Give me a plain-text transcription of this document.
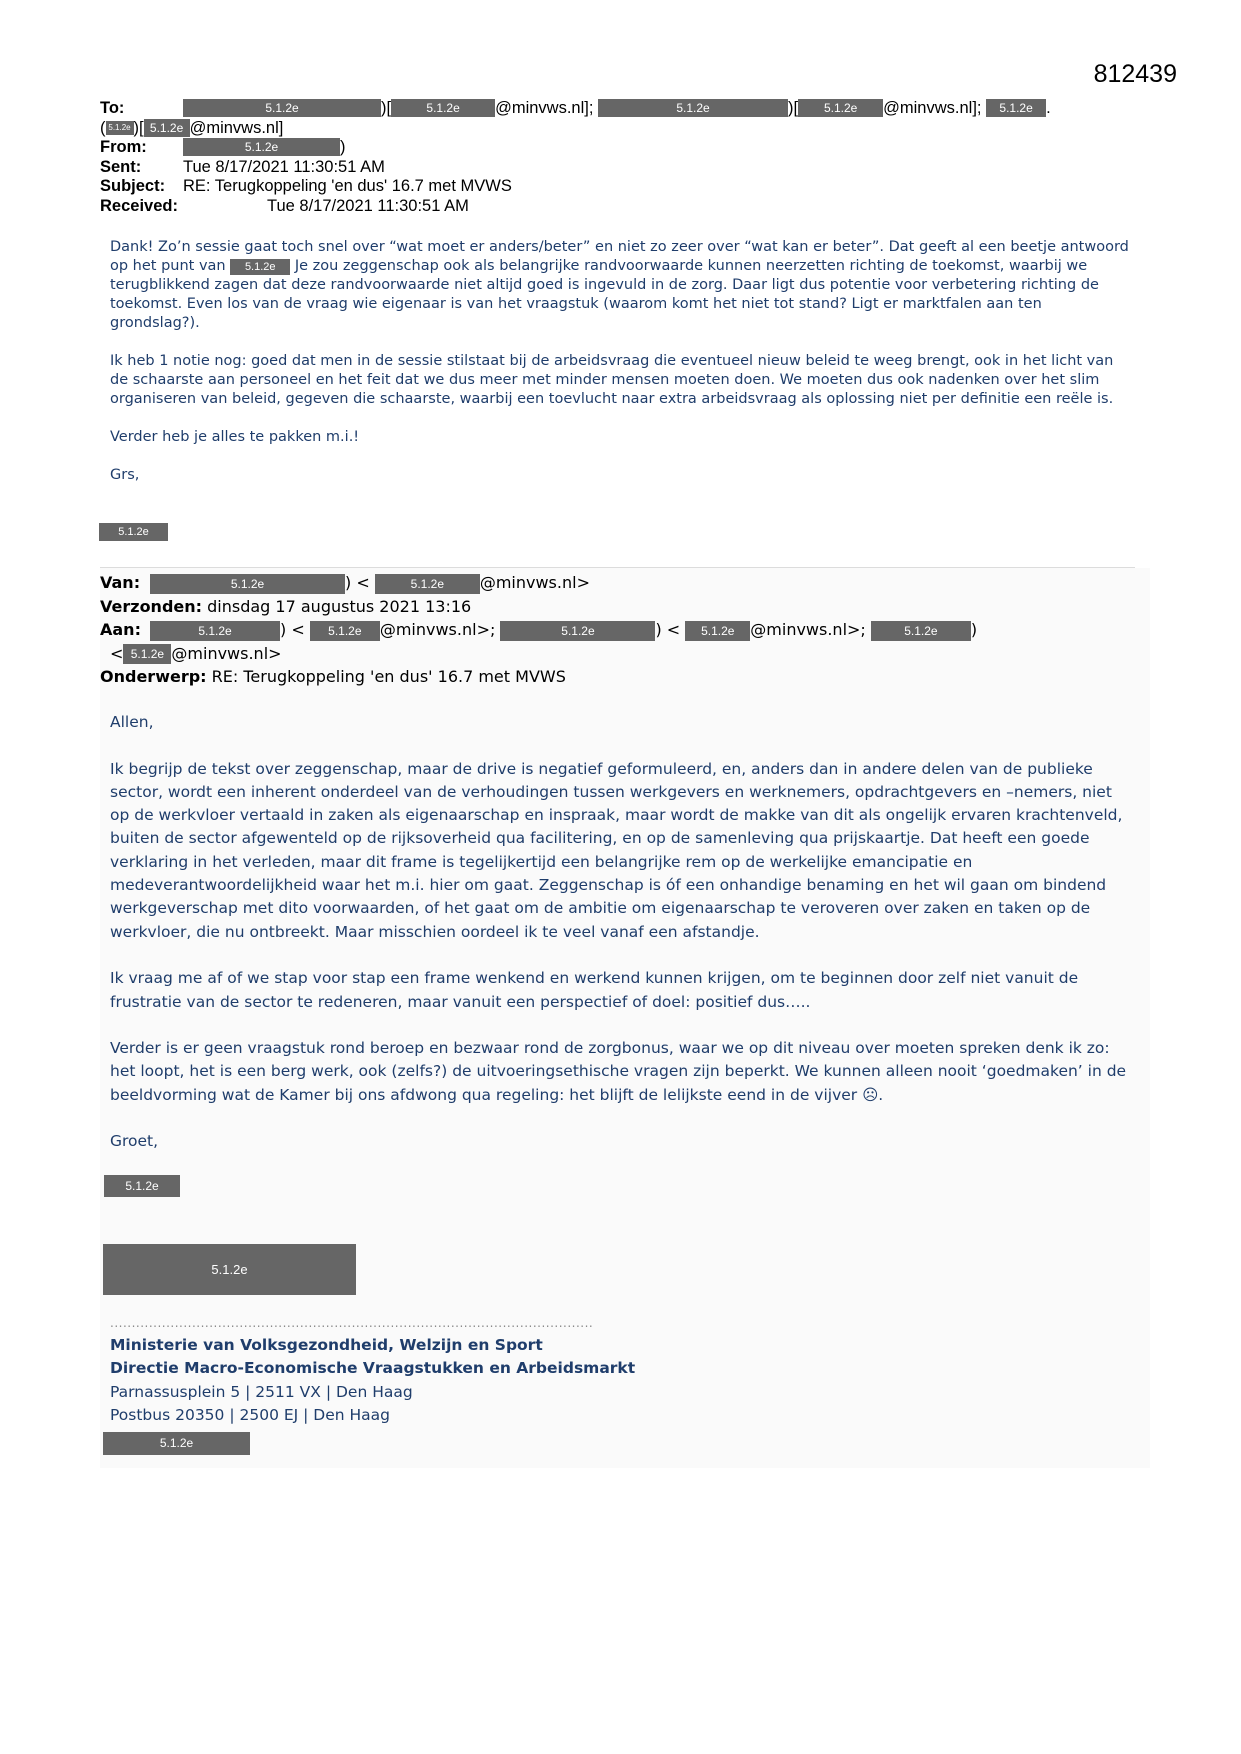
812439
To:	5.1.2e	)[	5.1.2e @minvws.nl];	5.1.2e	)[ 5.1.2e @minvws.nl]; 5.1.2e .
( 5.1.2e )[ 5.1.2e @minvws.nl]
From:	5.1.2e	)
Sent:	Tue 8/17/2021 11:30:51 AM
Subject: RE: Terugkoppeling 'en dus' 16.7 met MVWS
Received:	Tue 8/17/2021 11:30:51 AM

Dank! Zo’n sessie gaat toch snel over “wat moet er anders/beter” en niet zo zeer over “wat kan er beter”. Dat geeft al een beetje antwoord op het punt van 5.1.2e Je zou zeggenschap ook als belangrijke randvoorwaarde kunnen neerzetten richting de toekomst, waarbij we terugblikkend zagen dat deze randvoorwaarde niet altijd goed is ingevuld in de zorg. Daar ligt dus potentie voor verbetering richting de toekomst. Even los van de vraag wie eigenaar is van het vraagstuk (waarom komt het niet tot stand? Ligt er marktfalen aan ten grondslag?).

Ik heb 1 notie nog: goed dat men in de sessie stilstaat bij de arbeidsvraag die eventueel nieuw beleid te weeg brengt, ook in het licht van de schaarste aan personeel en het feit dat we dus meer met minder mensen moeten doen. We moeten dus ook nadenken over het slim organiseren van beleid, gegeven die schaarste, waarbij een toevlucht naar extra arbeidsvraag als oplossing niet per definitie een reële is.

Verder heb je alles te pakken m.i.!

Grs,

5.1.2e
Van:	5.1.2e	) <	5.1.2e @minvws.nl>
Verzonden: dinsdag 17 augustus 2021 13:16
Aan:	5.1.2e	) < 5.1.2e @minvws.nl>;	5.1.2e	) < 5.1.2e @minvws.nl>;	5.1.2e )
< 5.1.2e @minvws.nl>
Onderwerp: RE: Terugkoppeling 'en dus' 16.7 met MVWS

Allen,

Ik begrijp de tekst over zeggenschap, maar de drive is negatief geformuleerd, en, anders dan in andere delen van de publieke sector, wordt een inherent onderdeel van de verhoudingen tussen werkgevers en werknemers, opdrachtgevers en –nemers, niet op de werkvloer vertaald in zaken als eigenaarschap en inspraak, maar wordt de makke van dit als ongelijk ervaren krachtenveld, buiten de sector afgewenteld op de rijksoverheid qua facilitering, en op de samenleving qua prijskaartje. Dat heeft een goede verklaring in het verleden, maar dit frame is tegelijkertijd een belangrijke rem op de werkelijke emancipatie en medeverantwoordelijkheid waar het m.i. hier om gaat. Zeggenschap is óf een onhandige benaming en het wil gaan om bindend werkgeverschap met dito voorwaarden, of het gaat om de ambitie om eigenaarschap te veroveren over zaken en taken op de werkvloer, die nu ontbreekt. Maar misschien oordeel ik te veel vanaf een afstandje.

Ik vraag me af of we stap voor stap een frame wenkend en werkend kunnen krijgen, om te beginnen door zelf niet vanuit de frustratie van de sector te redeneren, maar vanuit een perspectief of doel: positief dus…..

Verder is er geen vraagstuk rond beroep en bezwaar rond de zorgbonus, waar we op dit niveau over moeten spreken denk ik zo: het loopt, het is een berg werk, ook (zelfs?) de uitvoeringsethische vragen zijn beperkt. We kunnen alleen nooit ‘goedmaken’ in de beeldvorming wat de Kamer bij ons afdwong qua regeling: het blijft de lelijkste eend in de vijver ☹.

Groet,

5.1.2e
5.1.2e
................................................................................................................
Ministerie van Volksgezondheid, Welzijn en Sport
Directie Macro-Economische Vraagstukken en Arbeidsmarkt
Parnassusplein 5 | 2511 VX | Den Haag
Postbus 20350 | 2500 EJ | Den Haag
5.1.2e
